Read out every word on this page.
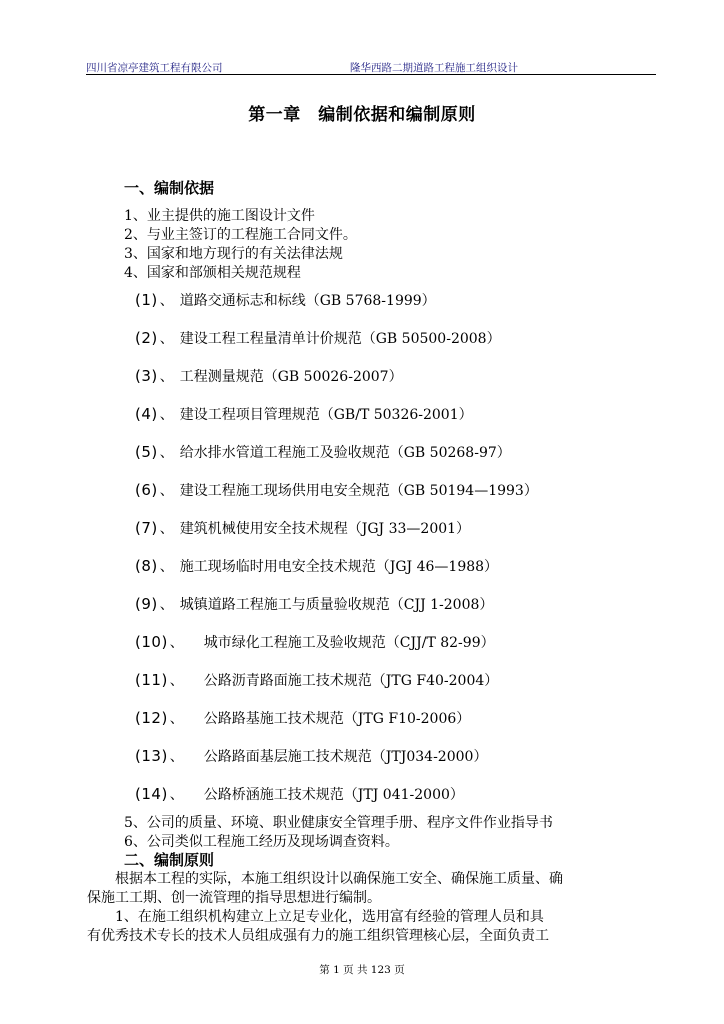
四川省凉亭建筑工程有限公司	隆华西路二期道路工程施工组织设计
第一章　编制依据和编制原则
一、编制依据
1、业主提供的施工图设计文件
2、与业主签订的工程施工合同文件。
3、国家和地方现行的有关法律法规
4、国家和部颁相关规范规程
(1) 、 道路交通标志和标线（GB 5768-1999）
(2) 、 建设工程工程量清单计价规范（GB 50500-2008）
(3) 、 工程测量规范（GB 50026-2007）
(4) 、 建设工程项目管理规范（GB/T 50326-2001）
(5) 、 给水排水管道工程施工及验收规范（GB 50268-97）
(6) 、 建设工程施工现场供用电安全规范（GB 50194—1993）
(7) 、 建筑机械使用安全技术规程（JGJ 33—2001）
(8) 、 施工现场临时用电安全技术规范（JGJ 46—1988）
(9) 、 城镇道路工程施工与质量验收规范（CJJ 1-2008）
(10) 、 城市绿化工程施工及验收规范（CJJ/T 82-99）
(11) 、 公路沥青路面施工技术规范（JTG F40-2004）
(12) 、 公路路基施工技术规范（JTG F10-2006）
(13) 、 公路路面基层施工技术规范（JTJ034-2000）
(14) 、 公路桥涵施工技术规范（JTJ 041-2000）
5、公司的质量、环境、职业健康安全管理手册、程序文件作业指导书
6、公司类似工程施工经历及现场调查资料。
二、编制原则
根据本工程的实际，本施工组织设计以确保施工安全、确保施工质量、确
保施工工期、创一流管理的指导思想进行编制。
1、在施工组织机构建立上立足专业化，选用富有经验的管理人员和具
有优秀技术专长的技术人员组成强有力的施工组织管理核心层，全面负责工
第 1 页 共 123 页
